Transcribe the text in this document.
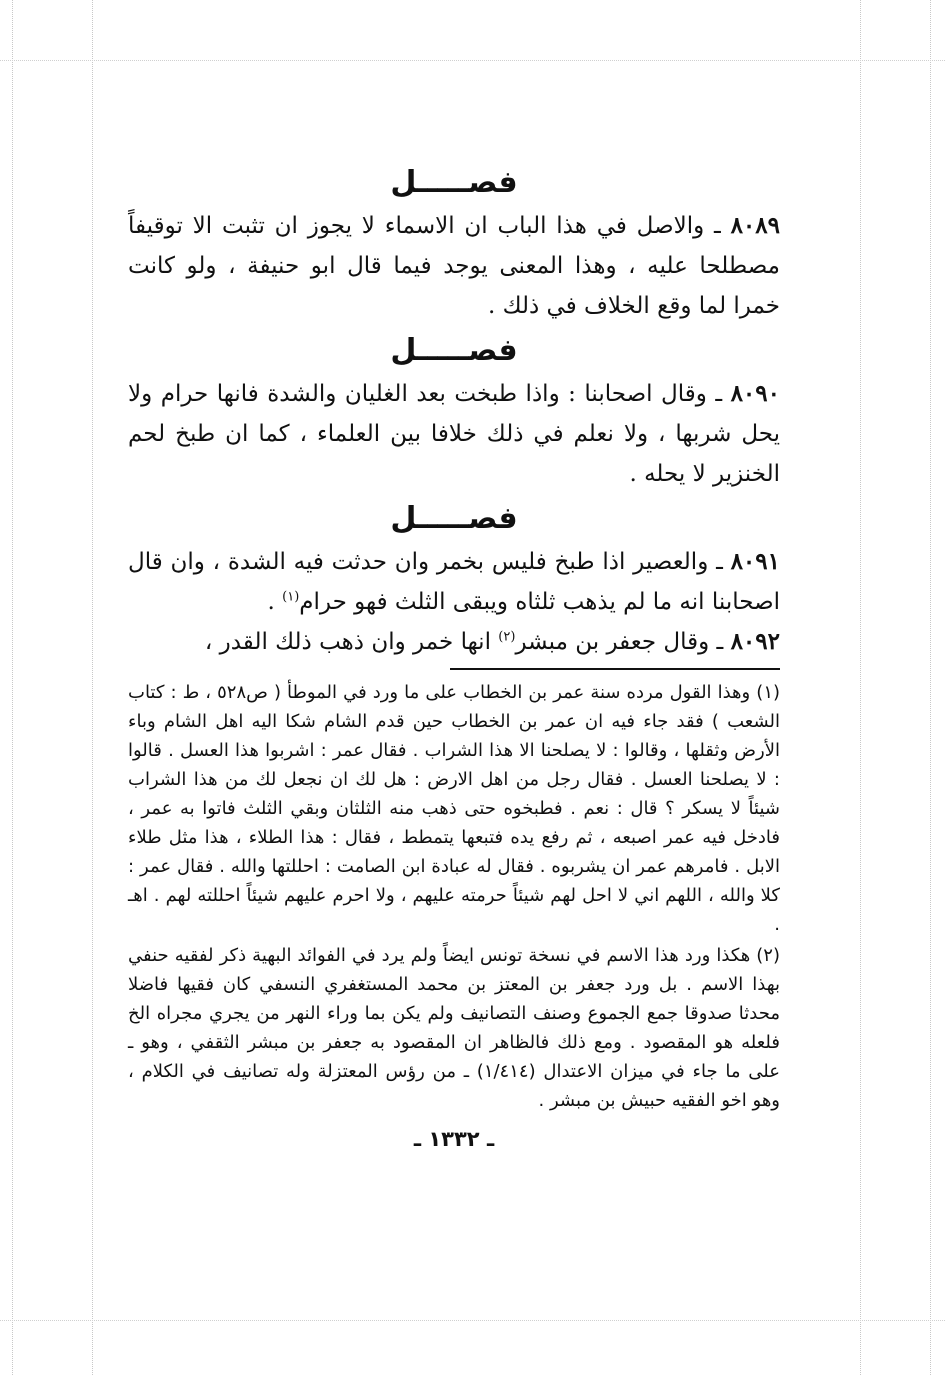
فصـــــل

٨٠٨٩ ـ والاصل في هذا الباب ان الاسماء لا يجوز ان تثبت الا توقيفاً مصطلحا عليه ، وهذا المعنى يوجد فيما قال ابو حنيفة ، ولو كانت خمرا لما وقع الخلاف في ذلك .

فصـــــل

٨٠٩٠ ـ وقال اصحابنا : واذا طبخت بعد الغليان والشدة فانها حرام ولا يحل شربها ، ولا نعلم في ذلك خلافا بين العلماء ، كما ان طبخ لحم الخنزير لا يحله .

فصـــــل

٨٠٩١ ـ والعصير اذا طبخ فليس بخمر وان حدثت فيه الشدة ، وان قال اصحابنا انه ما لم يذهب ثلثاه ويبقى الثلث فهو حرام$^{(١)}$ .

٨٠٩٢ ـ وقال جعفر بن مبشر$^{(٢)}$ انها خمر وان ذهب ذلك القدر ،

(١) وهذا القول مرده سنة عمر بن الخطاب على ما ورد في الموطأ ( ص٥٢٨ ، ط : كتاب الشعب ) فقد جاء فيه ان عمر بن الخطاب حين قدم الشام شكا اليه اهل الشام وباء الأرض وثقلها ، وقالوا : لا يصلحنا الا هذا الشراب . فقال عمر : اشربوا هذا العسل . قالوا : لا يصلحنا العسل . فقال رجل من اهل الارض : هل لك ان نجعل لك من هذا الشراب شيئاً لا يسكر ؟ قال : نعم . فطبخوه حتى ذهب منه الثلثان وبقي الثلث فاتوا به عمر ، فادخل فيه عمر اصبعه ، ثم رفع يده فتبعها يتمطط ، فقال : هذا الطلاء ، هذا مثل طلاء الابل . فامرهم عمر ان يشربوه . فقال له عبادة ابن الصامت : احللتها والله . فقال عمر : كلا والله ، اللهم اني لا احل لهم شيئاً حرمته عليهم ، ولا احرم عليهم شيئاً احللته لهم . اهـ .

(٢) هكذا ورد هذا الاسم في نسخة تونس ايضاً ولم يرد في الفوائد البهية ذكر لفقيه حنفي بهذا الاسم . بل ورد جعفر بن المعتز بن محمد المستغفري النسفي كان فقيها فاضلا محدثا صدوقا جمع الجموع وصنف التصانيف ولم يكن بما وراء النهر من يجري مجراه الخ فلعله هو المقصود . ومع ذلك فالظاهر ان المقصود به جعفر بن مبشر الثقفي ، وهو ـ على ما جاء في ميزان الاعتدال (١/٤١٤) ـ من رؤس المعتزلة وله تصانيف في الكلام ، وهو اخو الفقيه حبيش بن مبشر .

ـ ١٣٣٢ ـ
